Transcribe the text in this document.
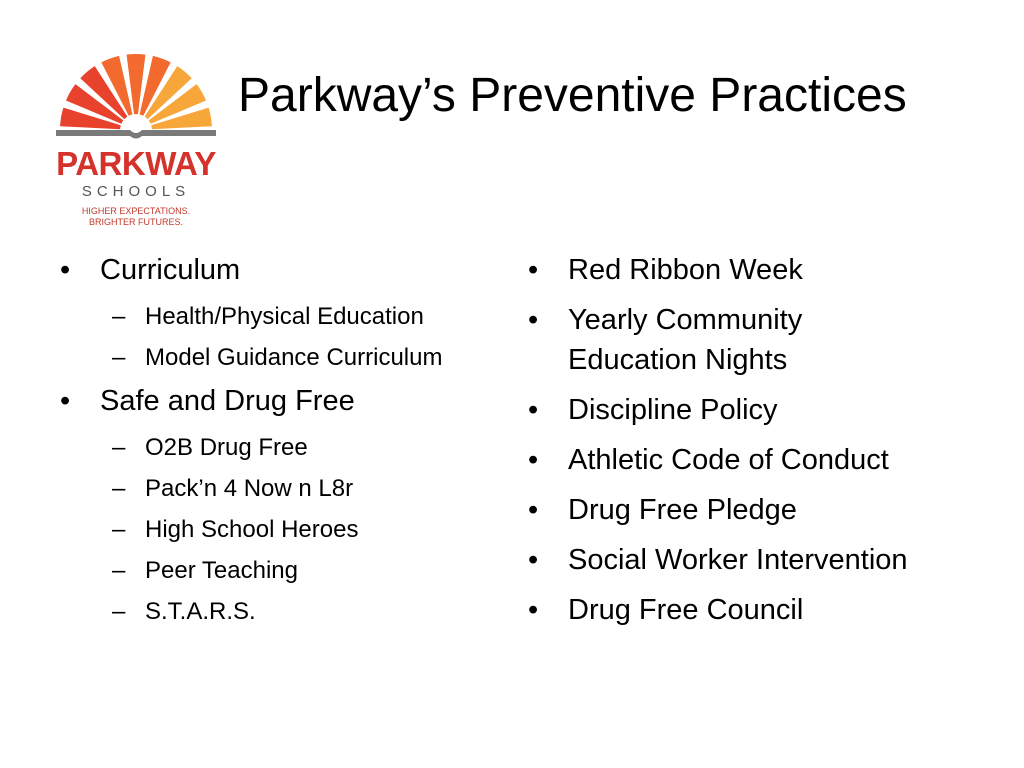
PARKWAY
SCHOOLS
HIGHER EXPECTATIONS.
BRIGHTER FUTURES.
Parkway’s Preventive Practices
•	Curriculum
– Health/Physical Education
– Model Guidance Curriculum
•	Safe and Drug Free
– O2B Drug Free
– Pack’n 4 Now n L8r
– High School Heroes
– Peer Teaching
– S.T.A.R.S.
•	Red Ribbon Week
•	Yearly Community Education Nights
•	Discipline Policy
•	Athletic Code of Conduct
•	Drug Free Pledge
•	Social Worker Intervention
•	Drug Free Council
